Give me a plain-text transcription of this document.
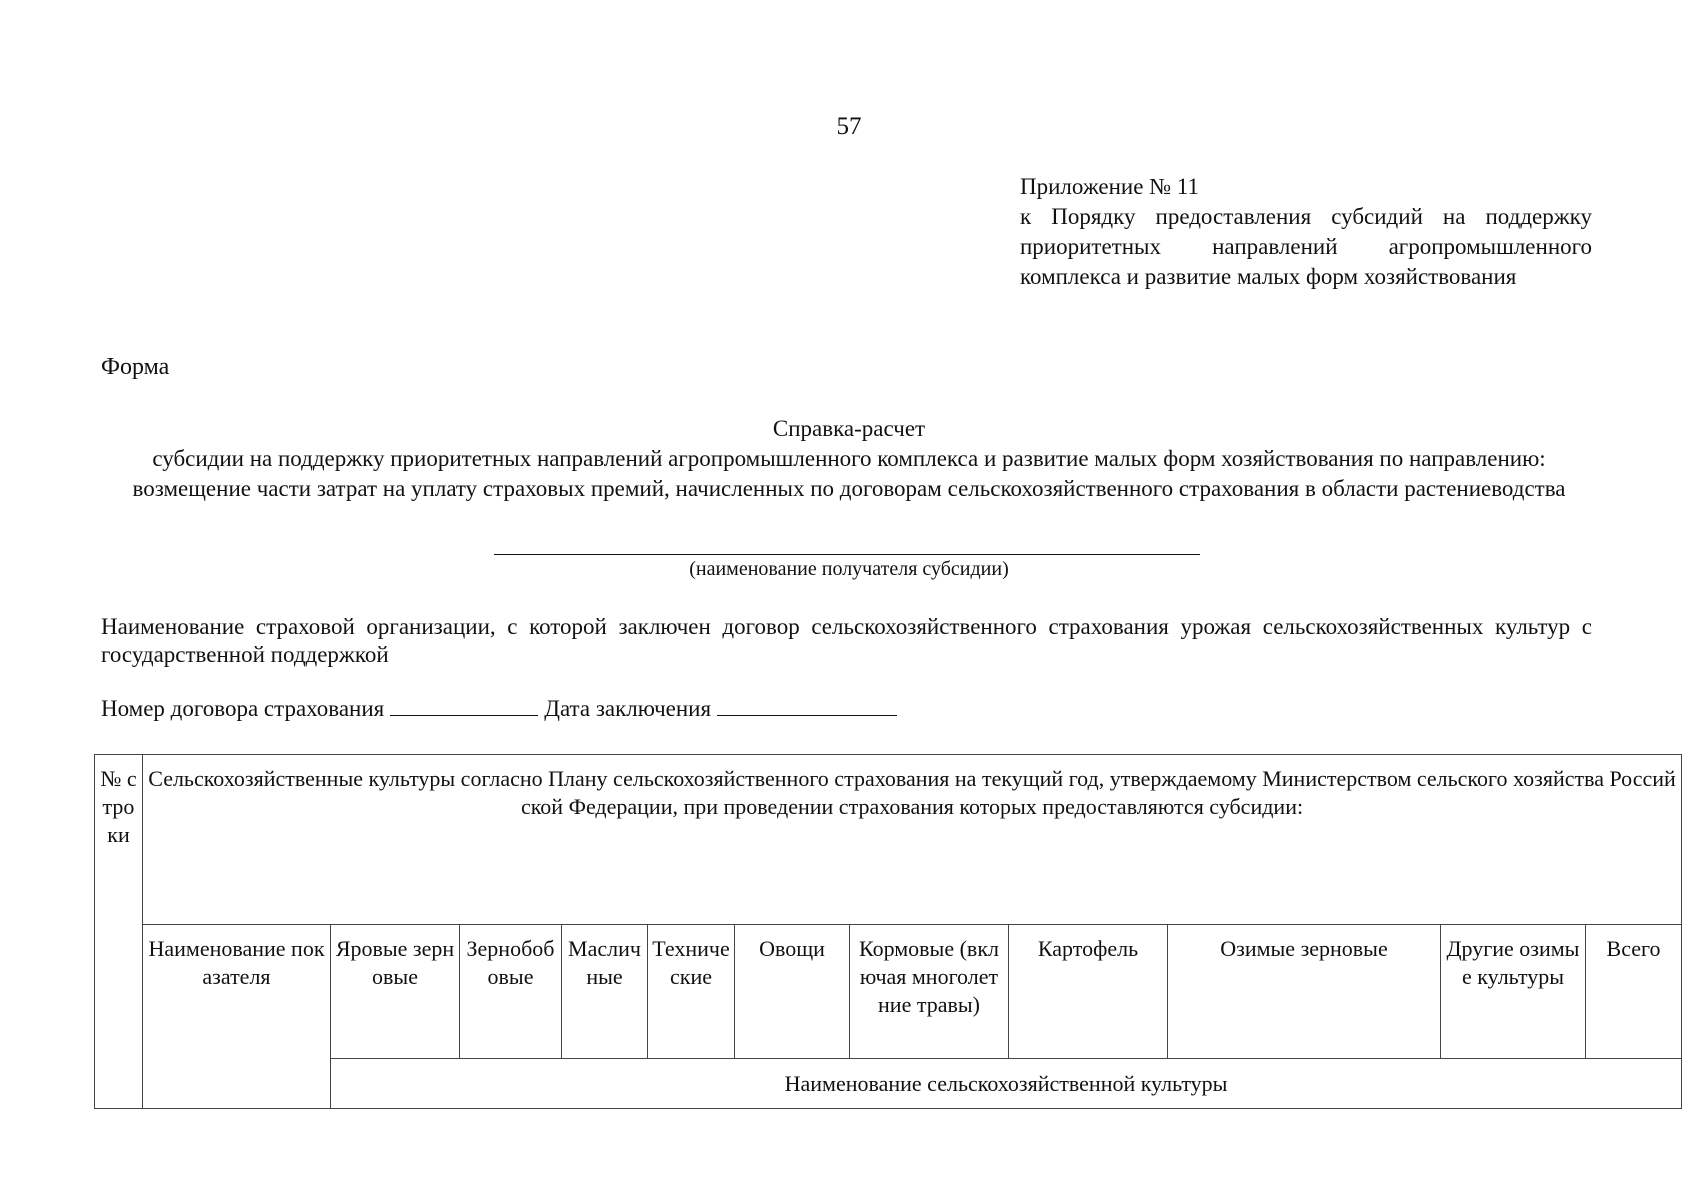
57
Приложение № 11
к Порядку предоставления субсидий на поддержку приоритетных направлений агропромышленного комплекса и развитие малых форм хозяйствования
Форма
Справка-расчет
субсидии на поддержку приоритетных направлений агропромышленного комплекса и развитие малых форм хозяйствования по направлению: возмещение части затрат на уплату страховых премий, начисленных по договорам сельскохозяйственного страхования в области растениеводства
(наименование получателя субсидии)
Наименование страховой организации, с которой заключен договор сельскохозяйственного страхования урожая сельскохозяйственных культур с государственной поддержкой
Номер договора страхования	Дата заключения
№ строки	Сельскохозяйственные культуры согласно Плану сельскохозяйственного страхования на текущий год, утверждаемому Министерством сельского хозяйства Российской Федерации, при проведении страхования которых предоставляются субсидии:										
	Наименование показателя	Яровые зерновые	Зернобобовые	Масличные	Технические	Овощи	Кормовые (включая многолетние травы)	Картофель	Озимые зерновые	Другие озимые культуры	Всего
		Наименование сельскохозяйственной культуры									
